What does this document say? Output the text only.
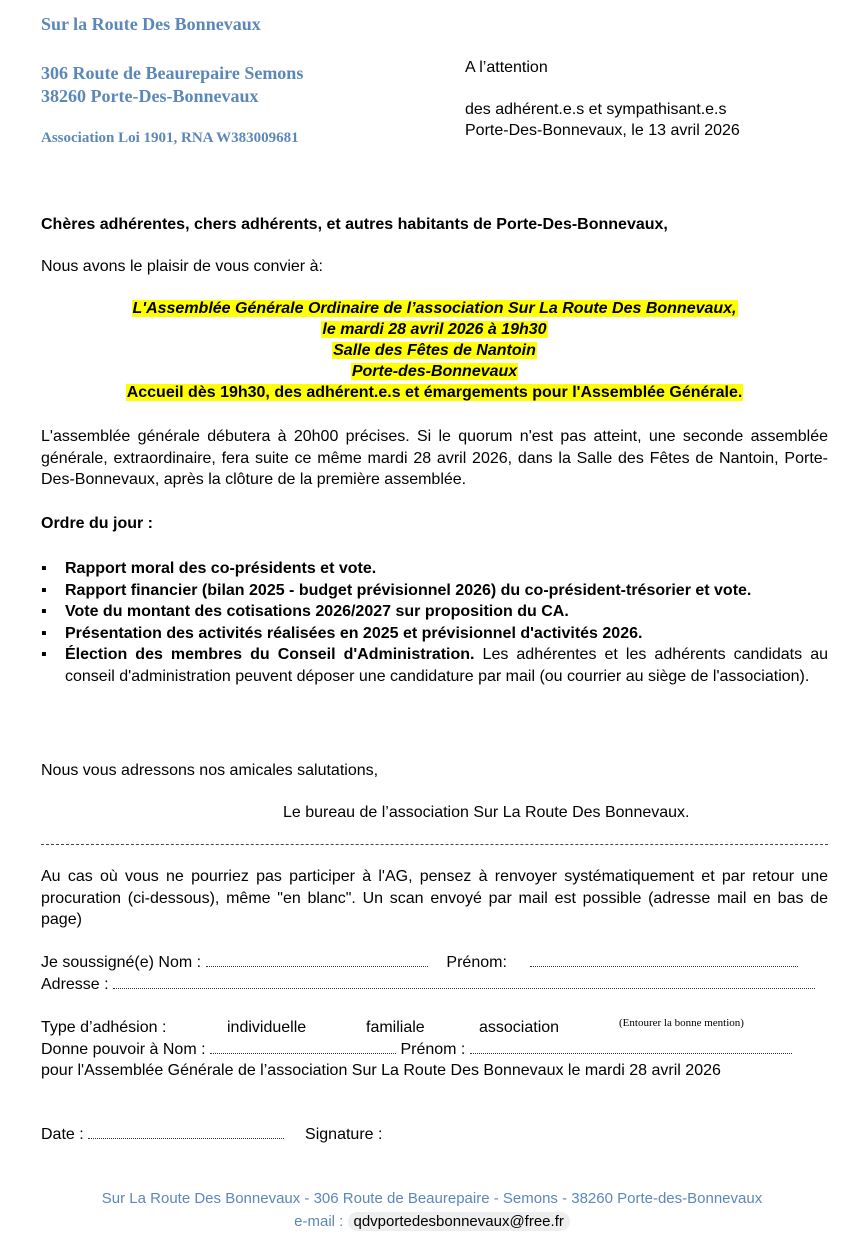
Sur la Route Des Bonnevaux
306 Route de Beaurepaire Semons
38260 Porte-Des-Bonnevaux
Association Loi 1901, RNA W383009681
A l’attention
des adhérent.e.s et sympathisant.e.s
Porte-Des-Bonnevaux, le 13 avril 2026
Chères adhérentes, chers adhérents, et autres habitants de Porte-Des-Bonnevaux,
Nous avons le plaisir de vous convier à:
L'Assemblée Générale Ordinaire de l’association Sur La Route Des Bonnevaux,
le mardi 28 avril 2026 à 19h30
Salle des Fêtes de Nantoin
Porte-des-Bonnevaux
Accueil dès 19h30, des adhérent.e.s et émargements pour l'Assemblée Générale.
L'assemblée générale débutera à 20h00 précises. Si le quorum n'est pas atteint, une seconde assemblée générale, extraordinaire, fera suite ce même mardi 28 avril 2026, dans la Salle des Fêtes de Nantoin, Porte-Des-Bonnevaux, après la clôture de la première assemblée.
Ordre du jour :
▪ Rapport moral des co-présidents et vote.
▪ Rapport financier (bilan 2025 - budget prévisionnel 2026) du co-président-trésorier et vote.
▪ Vote du montant des cotisations 2026/2027 sur proposition du CA.
▪ Présentation des activités réalisées en 2025 et prévisionnel d'activités 2026.
▪ Élection des membres du Conseil d'Administration. Les adhérentes et les adhérents candidats au conseil d'administration peuvent déposer une candidature par mail (ou courrier au siège de l'association).
Nous vous adressons nos amicales salutations,
Le bureau de l’association Sur La Route Des Bonnevaux.
Au cas où vous ne pourriez pas participer à l'AG, pensez à renvoyer systématiquement et par retour une procuration (ci-dessous), même "en blanc". Un scan envoyé par mail est possible (adresse mail en bas de page)
Je soussigné(e) Nom :	Prénom:
Adresse :
Type d’adhésion :	individuelle	familiale	association	(Entourer la bonne mention)
Donne pouvoir à Nom :	Prénom :
pour l'Assemblée Générale de l’association Sur La Route Des Bonnevaux le mardi 28 avril 2026
Date :	Signature :
Sur La Route Des Bonnevaux - 306 Route de Beaurepaire - Semons - 38260 Porte-des-Bonnevaux
e-mail : qdvportedesbonnevaux@free.fr
